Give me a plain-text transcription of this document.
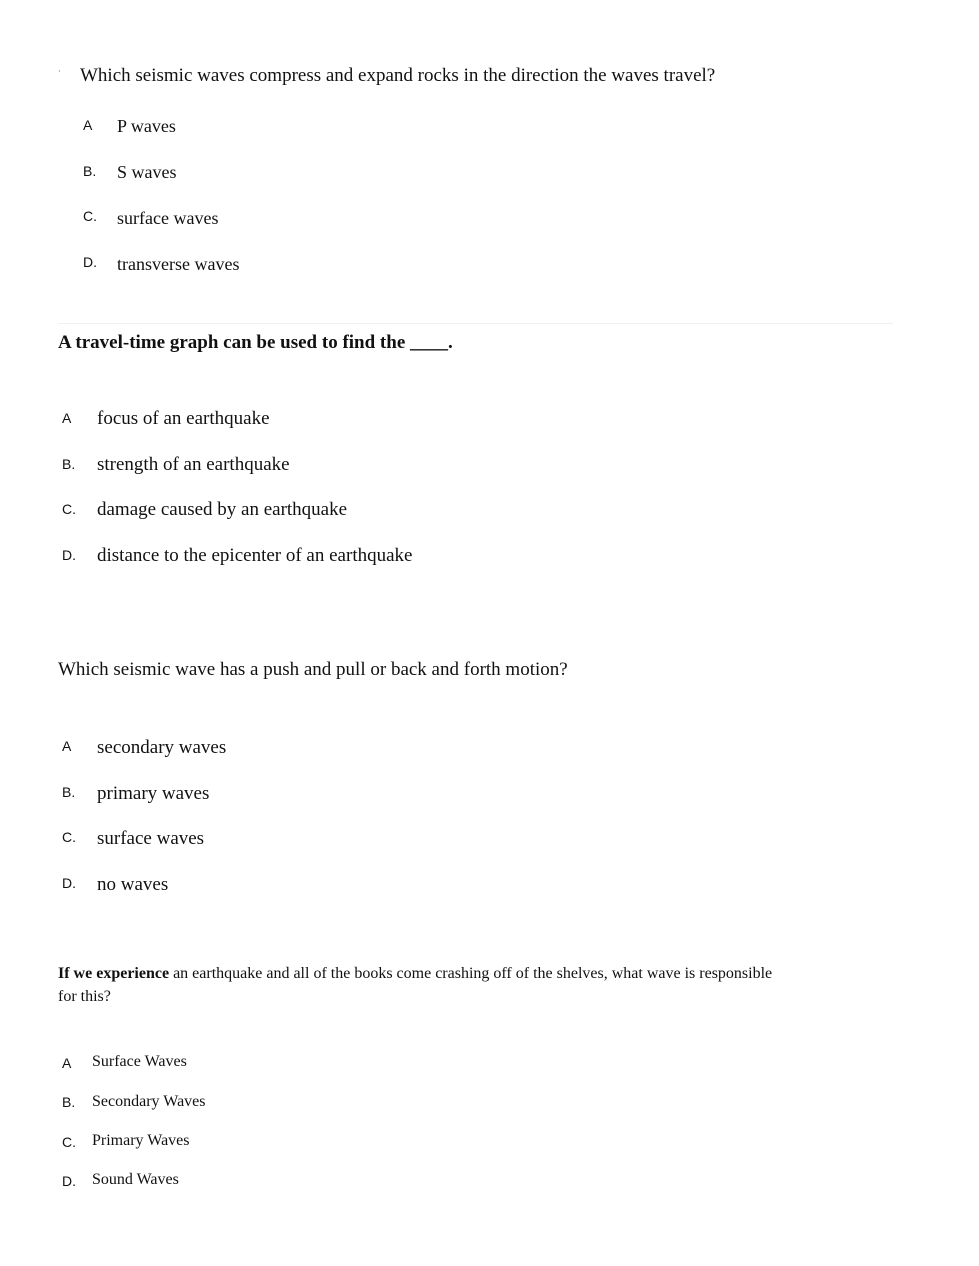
‧ Which seismic waves compress and expand rocks in the direction the waves travel?
A P waves
B. S waves
C. surface waves
D. transverse waves
A travel-time graph can be used to find the ____.
A focus of an earthquake
B. strength of an earthquake
C. damage caused by an earthquake
D. distance to the epicenter of an earthquake
Which seismic wave has a push and pull or back and forth motion?
A secondary waves
B. primary waves
C. surface waves
D. no waves
If we experience an earthquake and all of the books come crashing off of the shelves, what wave is responsible for this?
A Surface Waves
B. Secondary Waves
C. Primary Waves
D. Sound Waves
